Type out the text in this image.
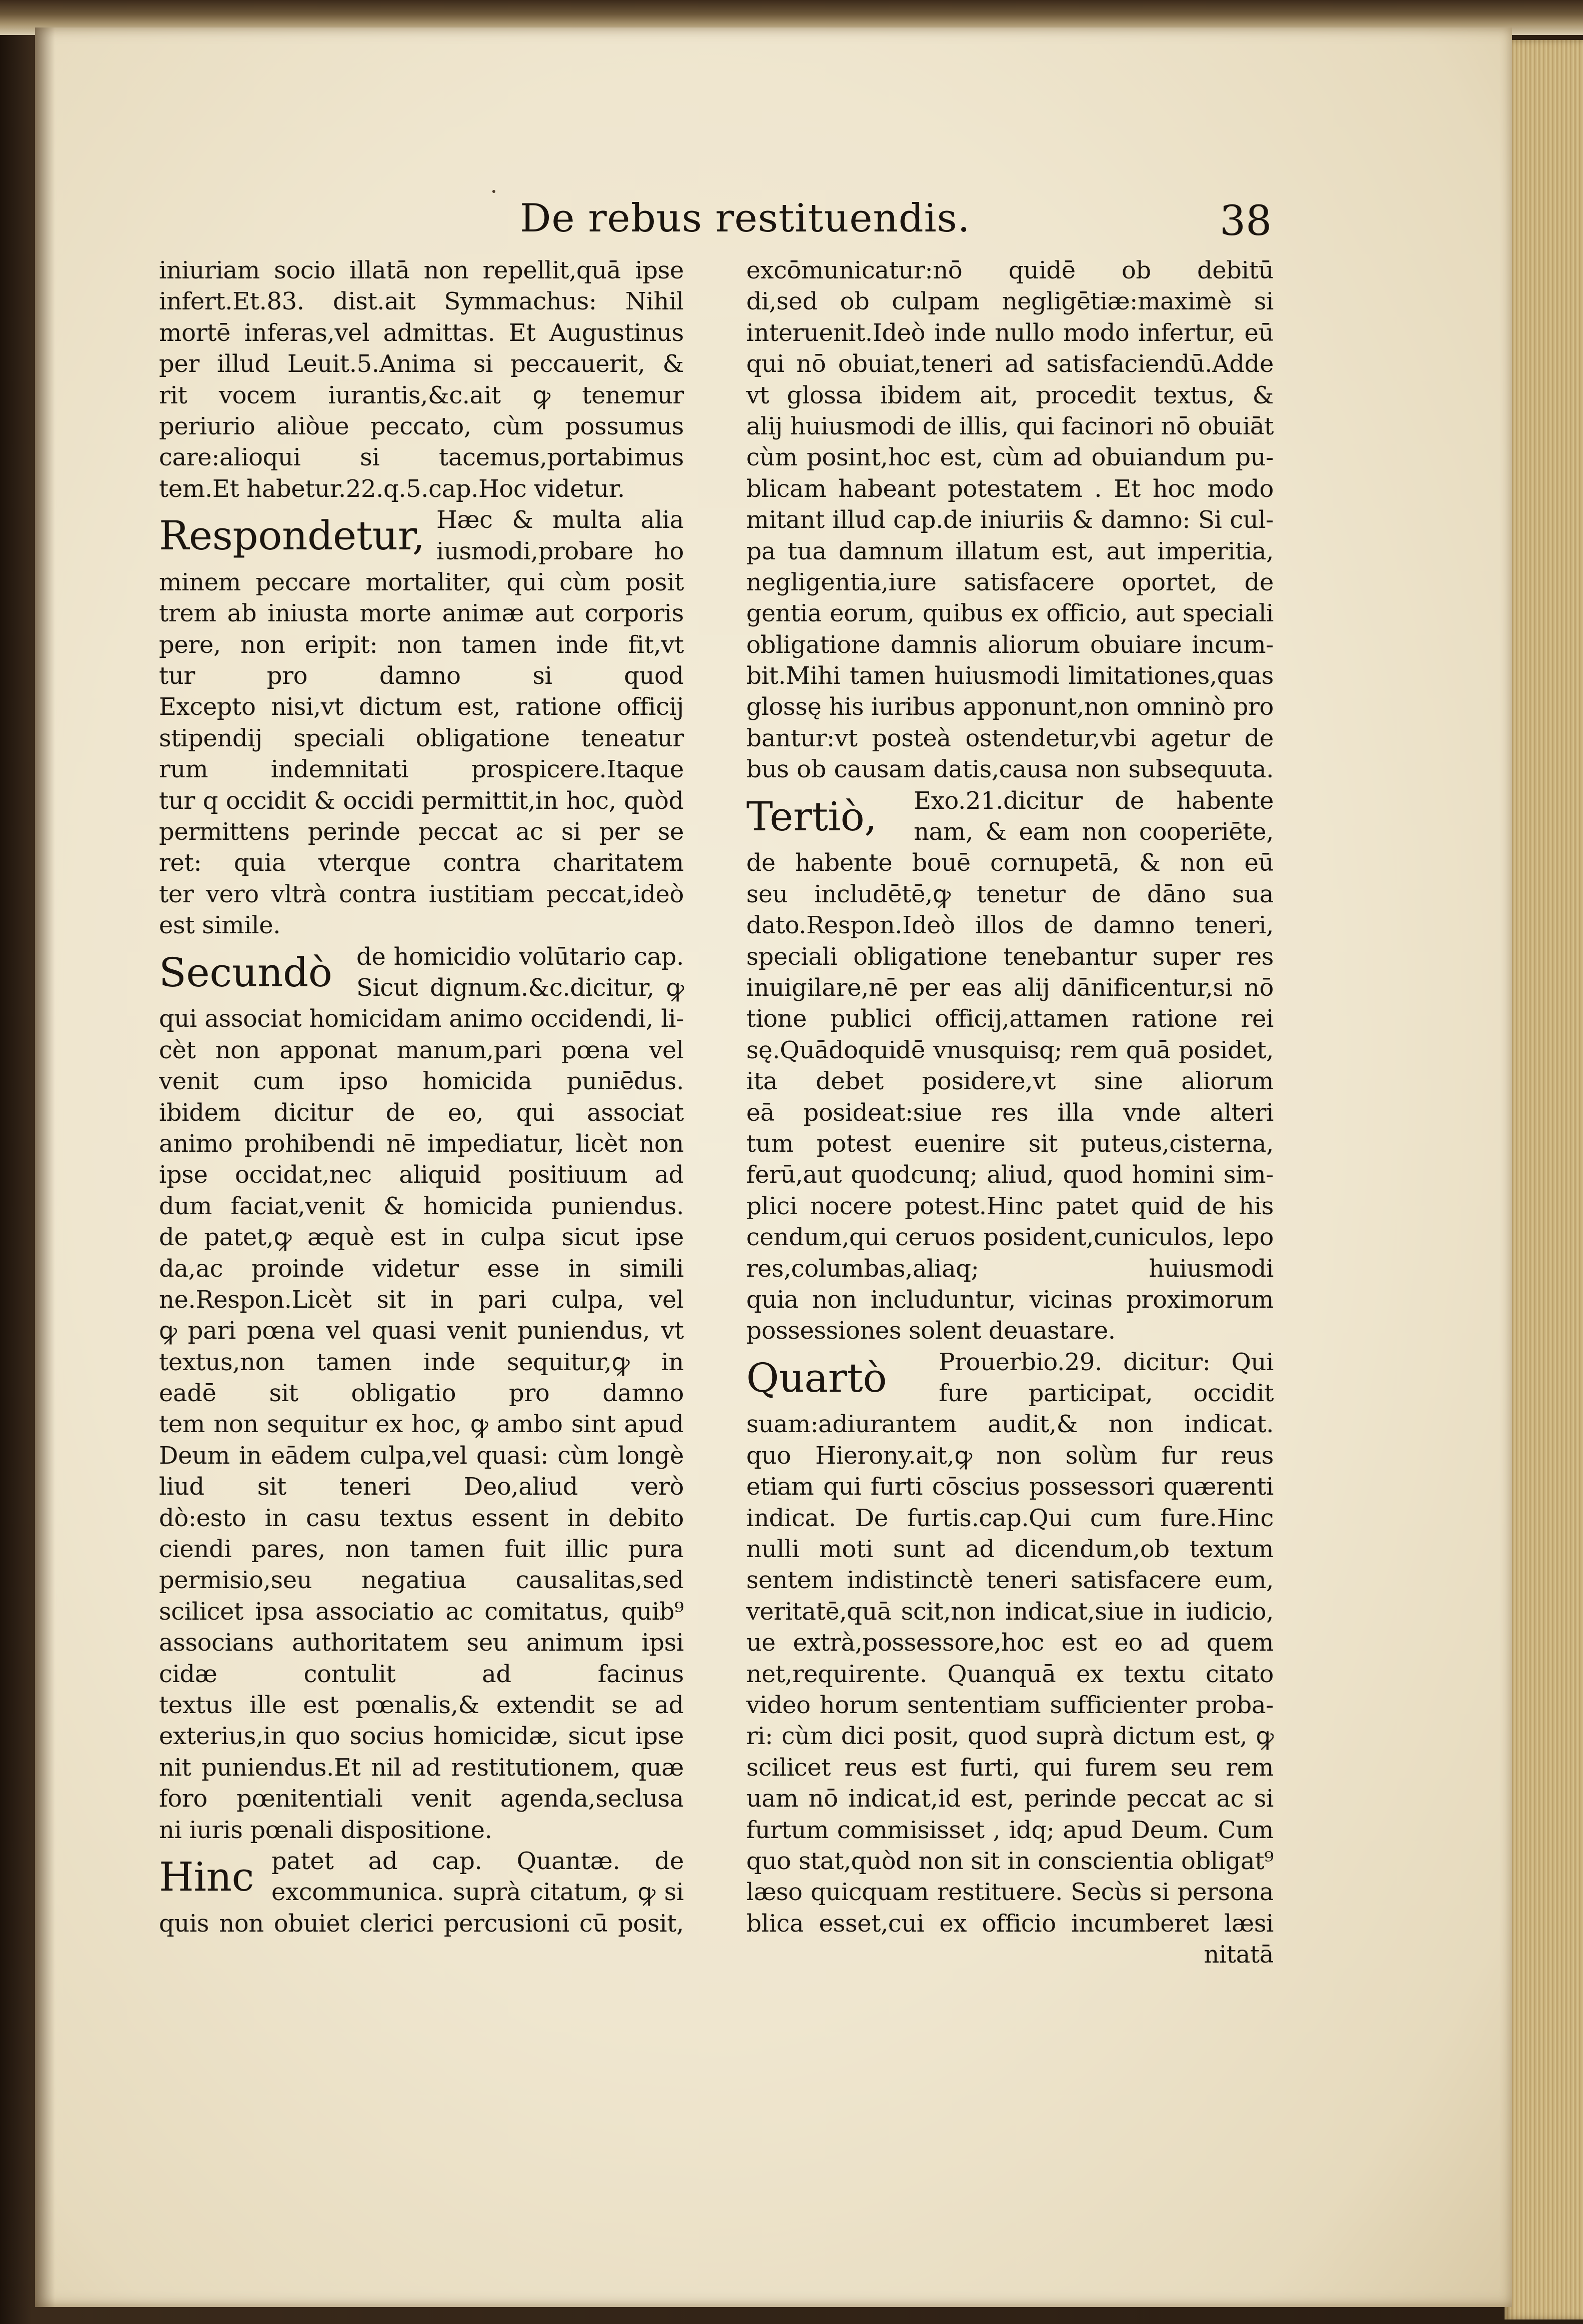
De rebus restituendis.	38
iniuriam socio illatā non repellit,quā ipse
infert.Et.83. dist.ait Symmachus: Nihil
mortē inferas,vel admittas. Et Augustinus
per illud Leuit.5.Anima si peccauerit, &
rit vocem iurantis,&c.ait ꝙ tenemur
periurio aliòue peccato, cùm possumus
care:alioqui si tacemus,portabimus
tem.Et habetur.22.q.5.cap.Hoc videtur.
Respondetur, Hæc & multa alia
iusmodi,probare ho
minem peccare mortaliter, qui cùm posit
trem ab iniusta morte animæ aut corporis
pere, non eripit: non tamen inde fit,vt
tur pro damno si quod
Excepto nisi,vt dictum est, ratione officij
stipendij speciali obligatione teneatur
rum indemnitati prospicere.Itaque
tur q occidit & occidi permittit,in hoc, quòd
permittens perinde peccat ac si per se
ret: quia vterque contra charitatem
ter vero vltrà contra iustitiam peccat,ideò
est simile.
Secundò de homicidio volūtario cap.
Sicut dignum.&c.dicitur, ꝙ
qui associat homicidam animo occidendi, li-
cèt non apponat manum,pari pœna vel
venit cum ipso homicida puniēdus.
ibidem dicitur de eo, qui associat
animo prohibendi nē impediatur, licèt non
ipse occidat,nec aliquid positiuum ad
dum faciat,venit & homicida puniendus.
de patet,ꝙ æquè est in culpa sicut ipse
da,ac proinde videtur esse in simili
ne.Respon.Licèt sit in pari culpa, vel
ꝙ pari pœna vel quasi venit puniendus, vt
textus,non tamen inde sequitur,ꝙ in
eadē sit obligatio pro damno
tem non sequitur ex hoc, ꝙ ambo sint apud
Deum in eādem culpa,vel quasi: cùm longè
liud sit teneri Deo,aliud verò
dò:esto in casu textus essent in debito
ciendi pares, non tamen fuit illic pura
permisio,seu negatiua causalitas,sed
scilicet ipsa associatio ac comitatus, quib⁹
associans authoritatem seu animum ipsi
cidæ contulit ad facinus
textus ille est pœnalis,& extendit se ad
exterius,in quo socius homicidæ, sicut ipse
nit puniendus.Et nil ad restitutionem, quæ
foro pœnitentiali venit agenda,seclusa
ni iuris pœnali dispositione.
Hinc patet ad cap. Quantæ. de
excommunica. suprà citatum, ꝙ si
quis non obuiet clerici percusioni cū posit,
excōmunicatur:nō quidē ob debitū
di,sed ob culpam negligētiæ:maximè si
interuenit.Ideò inde nullo modo infertur, eū
qui nō obuiat,teneri ad satisfaciendū.Adde
vt glossa ibidem ait, procedit textus, &
alij huiusmodi de illis, qui facinori nō obuiāt
cùm posint,hoc est, cùm ad obuiandum pu-
blicam habeant potestatem . Et hoc modo
mitant illud cap.de iniuriis & damno: Si cul-
pa tua damnum illatum est, aut imperitia,
negligentia,iure satisfacere oportet, de
gentia eorum, quibus ex officio, aut speciali
obligatione damnis aliorum obuiare incum-
bit.Mihi tamen huiusmodi limitationes,quas
glossę his iuribus apponunt,non omninò pro
bantur:vt posteà ostendetur,vbi agetur de
bus ob causam datis,causa non subsequuta.
Tertiò, Exo.21.dicitur de habente
nam, & eam non cooperiēte,
de habente bouē cornupetā, & non eū
seu includētē,ꝙ tenetur de dāno sua
dato.Respon.Ideò illos de damno teneri,
speciali obligatione tenebantur super res
inuigilare,nē per eas alij dānificentur,si nō
tione publici officij,attamen ratione rei
sę.Quādoquidē vnusquisq; rem quā posidet,
ita debet posidere,vt sine aliorum
eā posideat:siue res illa vnde alteri
tum potest euenire sit puteus,cisterna,
ferū,aut quodcunq; aliud, quod homini sim-
plici nocere potest.Hinc patet quid de his
cendum,qui ceruos posident,cuniculos, lepo
res,columbas,aliaq; huiusmodi
quia non includuntur, vicinas proximorum
possessiones solent deuastare.
Quartò Prouerbio.29. dicitur: Qui
fure participat, occidit
suam:adiurantem audit,& non indicat.
quo Hierony.ait,ꝙ non solùm fur reus
etiam qui furti cōscius possessori quærenti
indicat. De furtis.cap.Qui cum fure.Hinc
nulli moti sunt ad dicendum,ob textum
sentem indistinctè teneri satisfacere eum,
veritatē,quā scit,non indicat,siue in iudicio,
ue extrà,possessore,hoc est eo ad quem
net,requirente. Quanquā ex textu citato
video horum sententiam sufficienter proba-
ri: cùm dici posit, quod suprà dictum est, ꝙ
scilicet reus est furti, qui furem seu rem
uam nō indicat,id est, perinde peccat ac si
furtum commisisset , idq; apud Deum. Cum
quo stat,quòd non sit in conscientia obligat⁹
læso quicquam restituere. Secùs si persona
blica esset,cui ex officio incumberet læsi
nitatā
